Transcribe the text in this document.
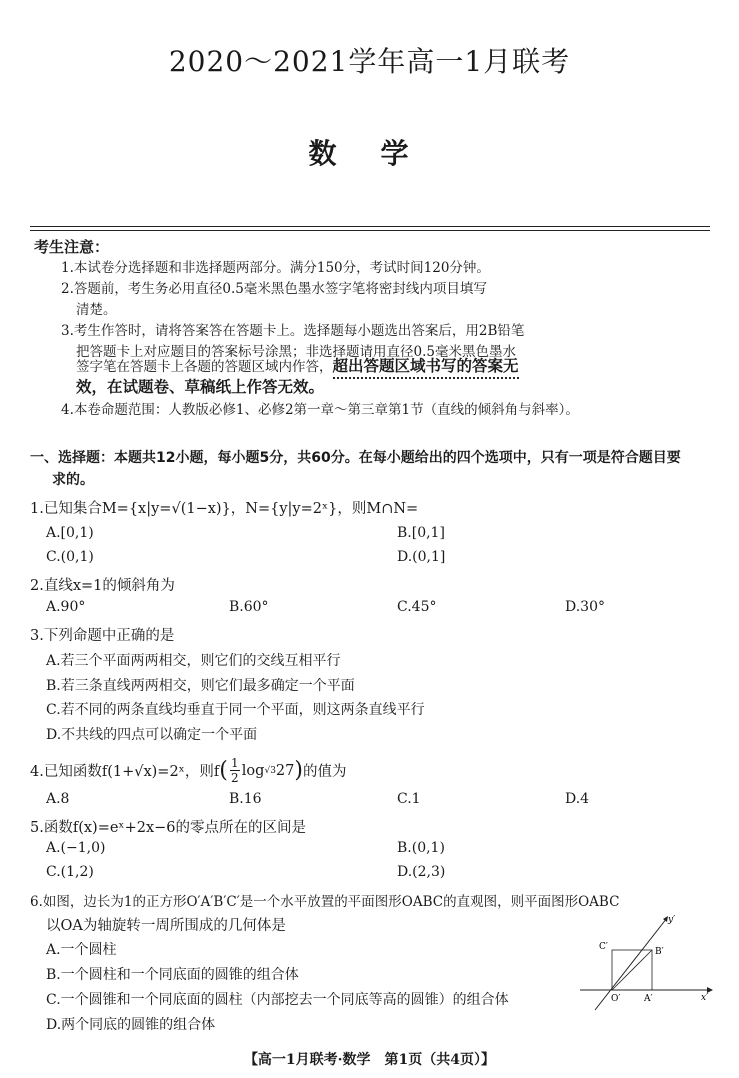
2020～2021学年高一1月联考
数学
考生注意：
1.本试卷分选择题和非选择题两部分。满分150分，考试时间120分钟。
2.答题前，考生务必用直径0.5毫米黑色墨水签字笔将密封线内项目填写
清楚。
3.考生作答时，请将答案答在答题卡上。选择题每小题选出答案后，用2B铅笔
把答题卡上对应题目的答案标号涂黑；非选择题请用直径0.5毫米黑色墨水
签字笔在答题卡上各题的答题区域内作答，超出答题区域书写的答案无
效，在试题卷、草稿纸上作答无效。
4.本卷命题范围：人教版必修1、必修2第一章～第三章第1节（直线的倾斜角与斜率）。
一、选择题：本题共12小题，每小题5分，共60分。在每小题给出的四个选项中，只有一项是符合题目要
求的。
1.已知集合M={x|y=√(1−x)}，N={y|y=2ˣ}，则M∩N=
A.[0,1)	B.[0,1]
C.(0,1)	D.(0,1]
2.直线x=1的倾斜角为
A.90°	B.60°	C.45°	D.30°
3.下列命题中正确的是
A.若三个平面两两相交，则它们的交线互相平行
B.若三条直线两两相交，则它们最多确定一个平面
C.若不同的两条直线均垂直于同一个平面，则这两条直线平行
D.不共线的四点可以确定一个平面
4.已知函数f(1+√x)=2ˣ，则f ( 1
2 log √3 27 ) 的值为
A.8	B.16	C.1	D.4
5.函数f(x)=eˣ+2x−6的零点所在的区间是
A.(−1,0)	B.(0,1)
C.(1,2)	D.(2,3)
6.如图，边长为1的正方形O′A′B′C′是一个水平放置的平面图形OABC的直观图，则平面图形OABC
以OA为轴旋转一周所围成的几何体是
A.一个圆柱
B.一个圆柱和一个同底面的圆锥的组合体
C.一个圆锥和一个同底面的圆柱（内部挖去一个同底等高的圆锥）的组合体
D.两个同底的圆锥的组合体
y′
x′
O′	A′
B′
C′
【高一1月联考·数学　第1页（共4页）】
